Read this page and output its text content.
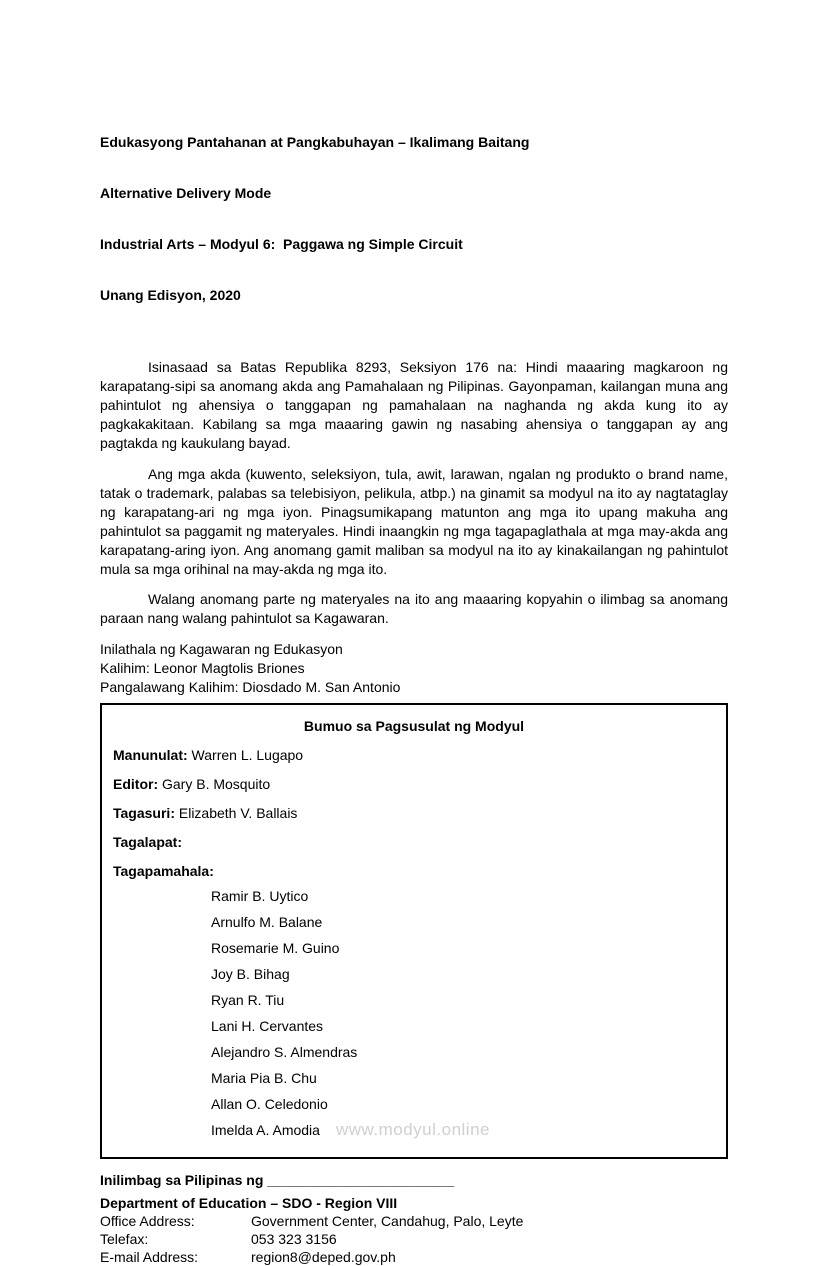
Edukasyong Pantahanan at Pangkabuhayan – Ikalimang Baitang

Alternative Delivery Mode

Industrial Arts – Modyul 6:  Paggawa ng Simple Circuit

Unang Edisyon, 2020

Isinasaad sa Batas Republika 8293, Seksiyon 176 na: Hindi maaaring magkaroon ng karapatang-sipi sa anomang akda ang Pamahalaan ng Pilipinas. Gayonpaman, kailangan muna ang pahintulot ng ahensiya o tanggapan ng pamahalaan na naghanda ng akda kung ito ay pagkakakitaan. Kabilang sa mga maaaring gawin ng nasabing ahensiya o tanggapan ay ang pagtakda ng kaukulang bayad.

Ang mga akda (kuwento, seleksiyon, tula, awit, larawan, ngalan ng produkto o brand name, tatak o trademark, palabas sa telebisiyon, pelikula, atbp.) na ginamit sa modyul na ito ay nagtataglay ng karapatang-ari ng mga iyon. Pinagsumikapang matunton ang mga ito upang makuha ang pahintulot sa paggamit ng materyales. Hindi inaangkin ng mga tagapaglathala at mga may-akda ang karapatang-aring iyon. Ang anomang gamit maliban sa modyul na ito ay kinakailangan ng pahintulot mula sa mga orihinal na may-akda ng mga ito.

Walang anomang parte ng materyales na ito ang maaaring kopyahin o ilimbag sa anomang paraan nang walang pahintulot sa Kagawaran.

Inilathala ng Kagawaran ng Edukasyon
Kalihim: Leonor Magtolis Briones
Pangalawang Kalihim: Diosdado M. San Antonio
Bumuo sa Pagsusulat ng Modyul
Manunulat: Warren L. Lugapo
Editor: Gary B. Mosquito
Tagasuri: Elizabeth V. Ballais
Tagalapat:
Tagapamahala:
Ramir B. Uytico
Arnulfo M. Balane
Rosemarie M. Guino
Joy B. Bihag
Ryan R. Tiu
Lani H. Cervantes
Alejandro S. Almendras
Maria Pia B. Chu
Allan O. Celedonio
Imelda A. Amodia
Inilimbag sa Pilipinas ng ________________________
Department of Education – SDO - Region VIII
Office Address:	Government Center, Candahug, Palo, Leyte
Telefax:	053 323 3156
E-mail Address:	region8@deped.gov.ph
www.modyul.online
